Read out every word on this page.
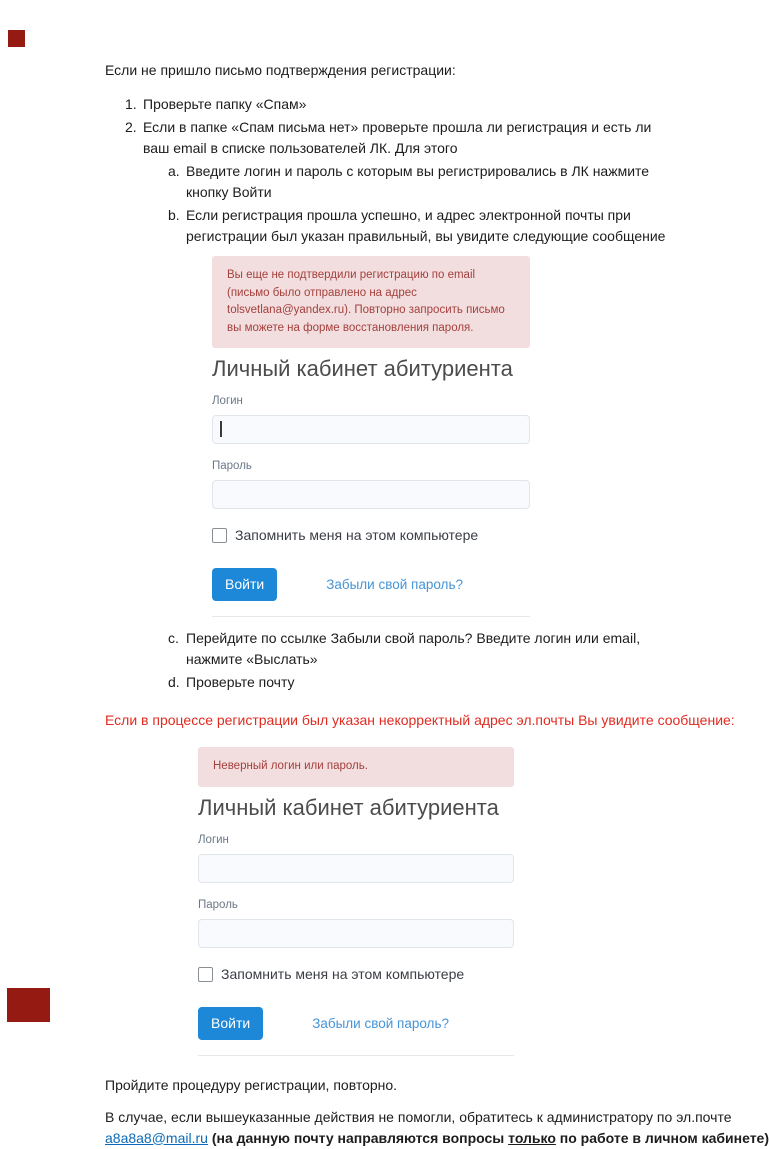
Если не пришло письмо подтверждения регистрации:
1. Проверьте папку «Спам»
2. Если в папке «Спам письма нет» проверьте прошла ли регистрация и есть ли ваш email в списке пользователей ЛК. Для этого
a. Введите логин и пароль с которым вы регистрировались в ЛК нажмите кнопку Войти
b. Если регистрация прошла успешно, и адрес электронной почты при регистрации был указан правильный, вы увидите следующие сообщение
Вы еще не подтвердили регистрацию по email (письмо было отправлено на адрес tolsvetlana@yandex.ru). Повторно запросить письмо вы можете на форме восстановления пароля.
Личный кабинет абитуриента
Логин
Пароль
Запомнить меня на этом компьютере
Войти	Забыли свой пароль?
c. Перейдите по ссылке Забыли свой пароль? Введите логин или email, нажмите «Выслать»
d. Проверьте почту
Если в процессе регистрации был указан некорректный адрес эл.почты Вы увидите сообщение:
Неверный логин или пароль.
Личный кабинет абитуриента
Логин
Пароль
Запомнить меня на этом компьютере
Войти	Забыли свой пароль?
Пройдите процедуру регистрации, повторно.
В случае, если вышеуказанные действия не помогли, обратитесь к администратору по эл.почте
a8a8a8@mail.ru (на данную почту направляются вопросы только по работе в личном кабинете)
